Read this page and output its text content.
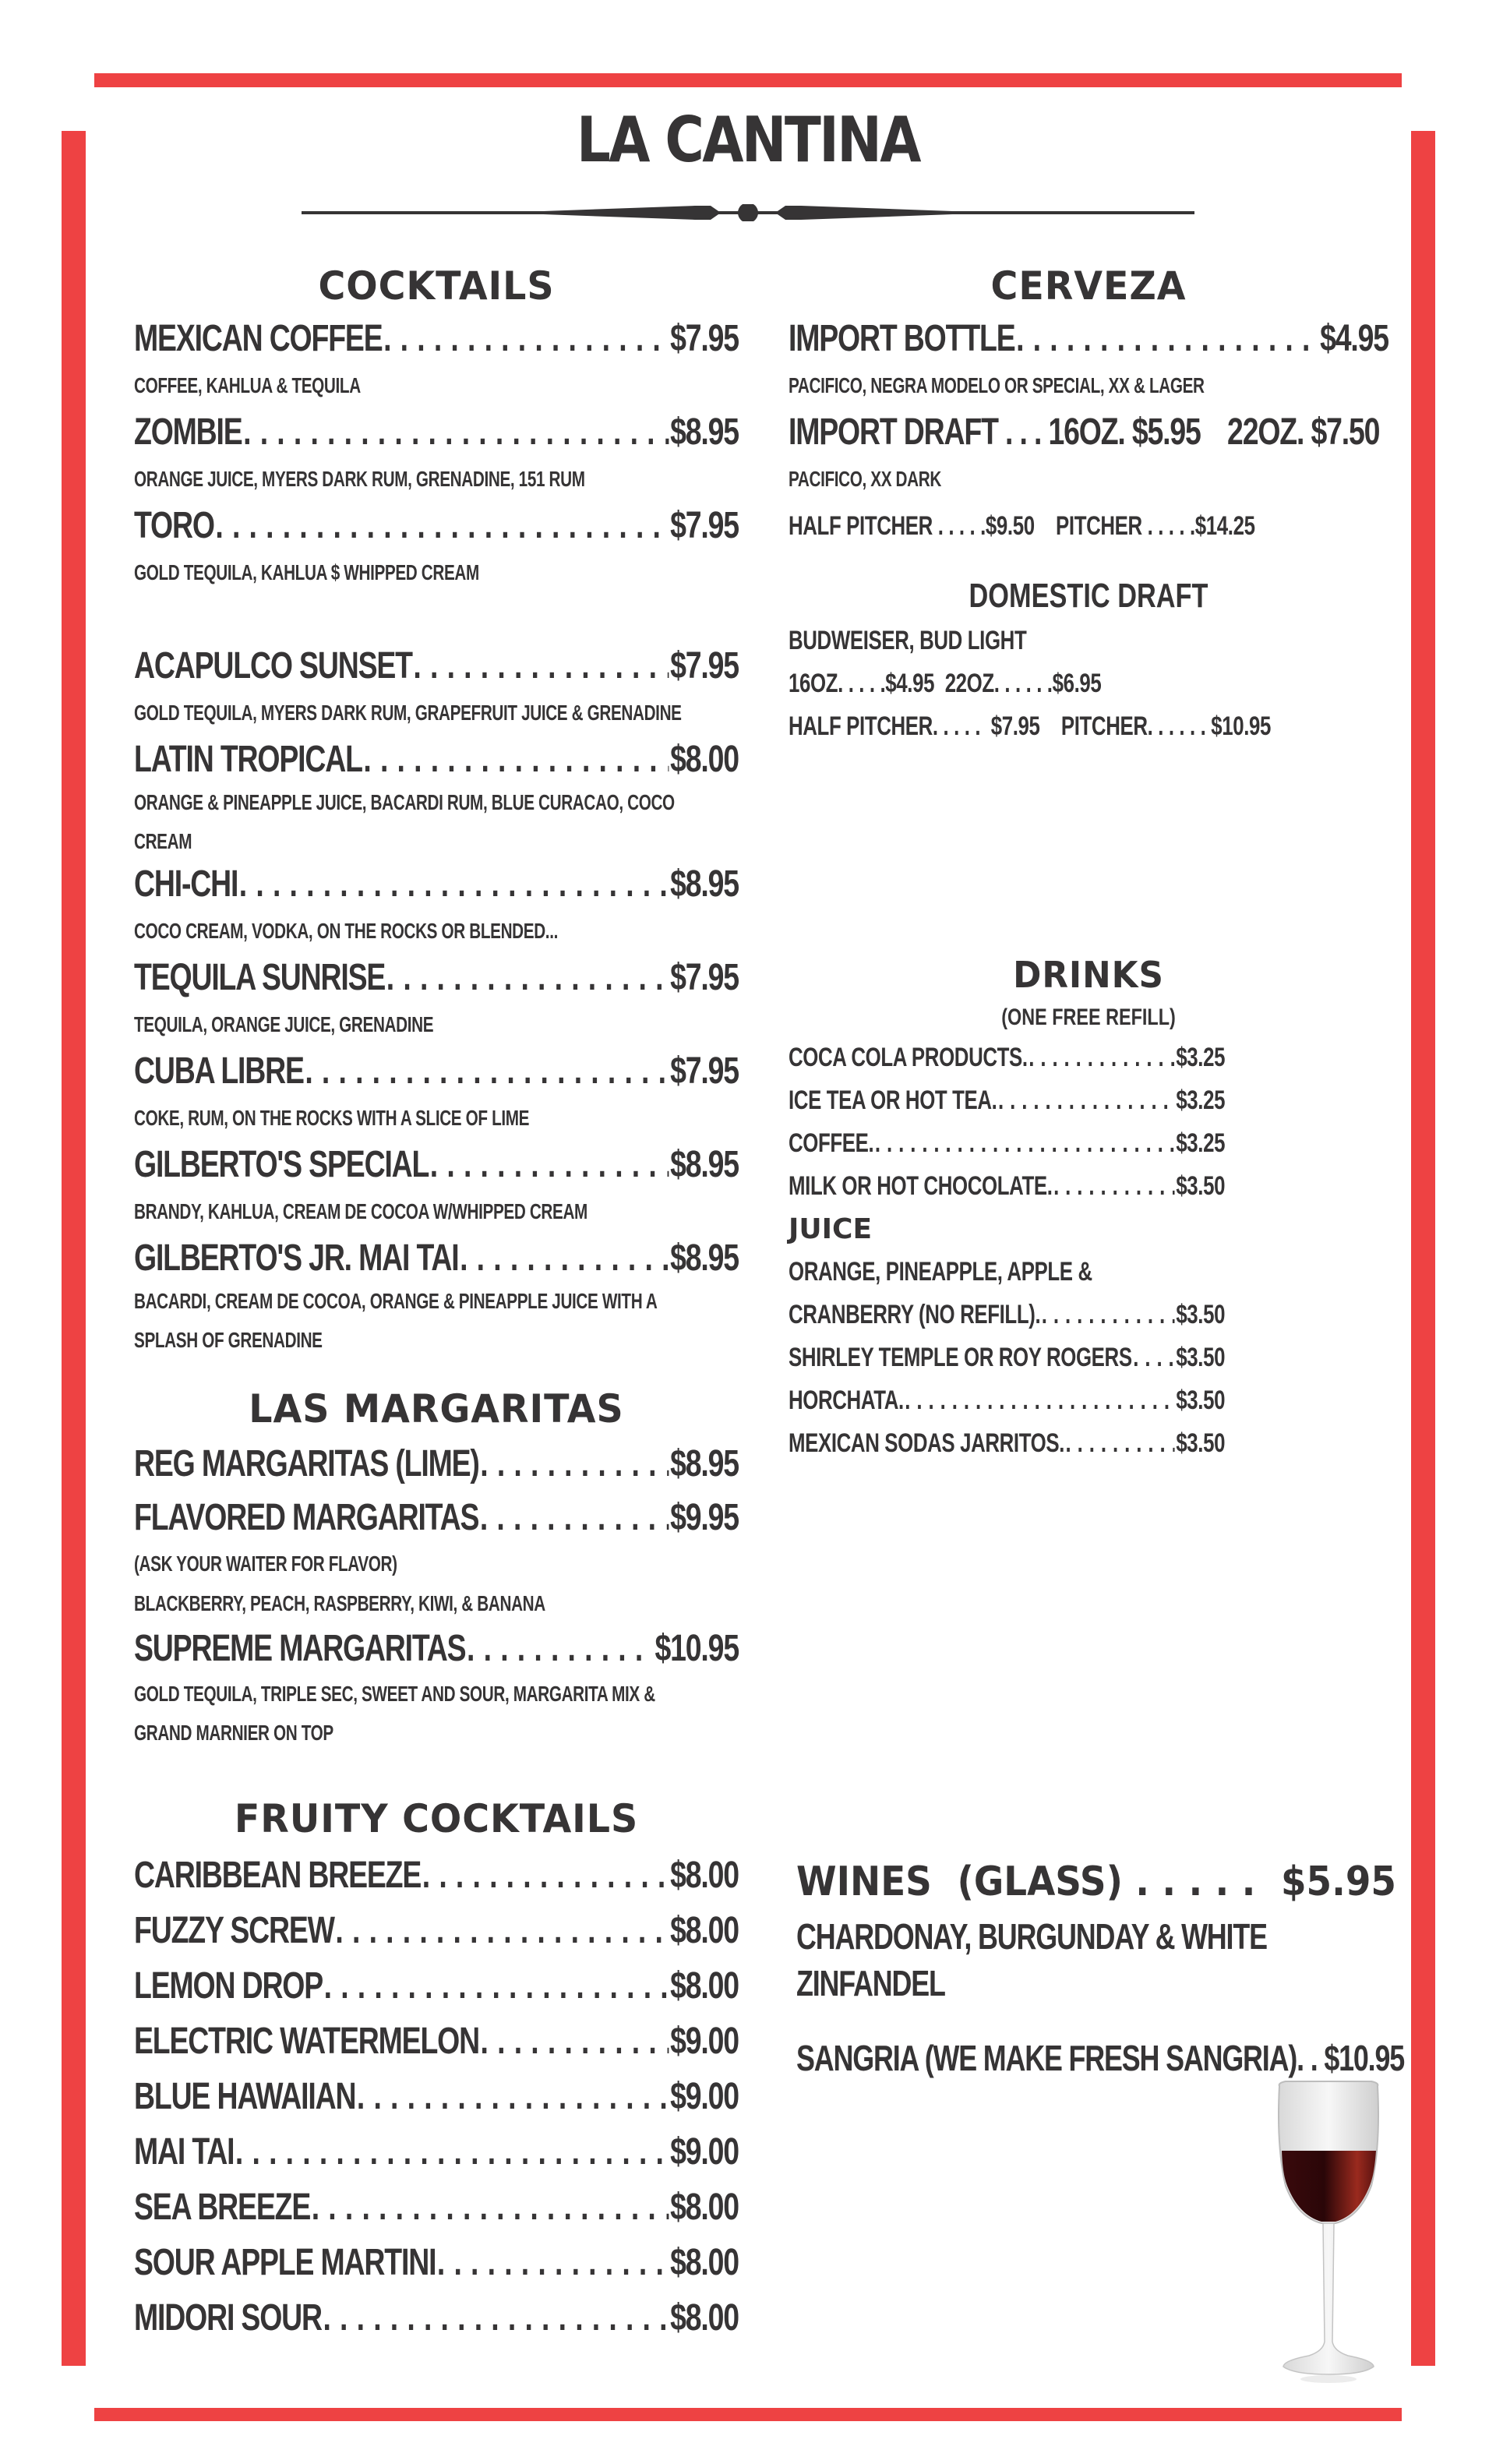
LA CANTINA
COCKTAILS
MEXICAN COFFEE . . .	$7.95
COFFEE, KAHLUA & TEQUILA
ZOMBIE . . .	$8.95
ORANGE JUICE, MYERS DARK RUM, GRENADINE, 151 RUM
TORO . . .	$7.95
GOLD TEQUILA, KAHLUA $ WHIPPED CREAM
ACAPULCO SUNSET . . .	$7.95
GOLD TEQUILA, MYERS DARK RUM, GRAPEFRUIT JUICE & GRENADINE
LATIN TROPICAL . . .	$8.00
ORANGE & PINEAPPLE JUICE, BACARDI RUM, BLUE CURACAO, COCO CREAM
CHI-CHI . . .	$8.95
COCO CREAM, VODKA, ON THE ROCKS OR BLENDED...
TEQUILA SUNRISE . . .	$7.95
TEQUILA, ORANGE JUICE, GRENADINE
CUBA LIBRE . . .	$7.95
COKE, RUM, ON THE ROCKS WITH A SLICE OF LIME
GILBERTO'S SPECIAL . . .	$8.95
BRANDY, KAHLUA, CREAM DE COCOA W/WHIPPED CREAM
GILBERTO'S JR. MAI TAI . . .	$8.95
BACARDI, CREAM DE COCOA, ORANGE & PINEAPPLE JUICE WITH A SPLASH OF GRENADINE
LAS MARGARITAS
REG MARGARITAS (LIME) . . .	$8.95
FLAVORED MARGARITAS . . .	$9.95
(ASK YOUR WAITER FOR FLAVOR)
BLACKBERRY, PEACH, RASPBERRY, KIWI, & BANANA
SUPREME MARGARITAS . . .	$10.95
GOLD TEQUILA, TRIPLE SEC, SWEET AND SOUR, MARGARITA MIX & GRAND MARNIER ON TOP
FRUITY COCKTAILS
CARIBBEAN BREEZE . . .	$8.00
FUZZY SCREW . . .	$8.00
LEMON DROP . . .	$8.00
ELECTRIC WATERMELON . . .	$9.00
BLUE HAWAIIAN . . .	$9.00
MAI TAI . . .	$9.00
SEA BREEZE . . .	$8.00
SOUR APPLE MARTINI . . .	$8.00
MIDORI SOUR . . .	$8.00
CERVEZA
IMPORT BOTTLE . . .	$4.95
PACIFICO, NEGRA MODELO OR SPECIAL, XX & LAGER
IMPORT DRAFT . . . 16OZ. $5.95 22OZ. $7.50
PACIFICO, XX DARK
HALF PITCHER . . . . .$9.50 PITCHER . . . . .$14.25
DOMESTIC DRAFT
BUDWEISER, BUD LIGHT
16OZ. . . . .$4.95 22OZ. . . . . .$6.95
HALF PITCHER. . . . .  $7.95 PITCHER. . . . . . $10.95
DRINKS
(ONE FREE REFILL)
COCA COLA PRODUCTS. . . .	$3.25
ICE TEA OR HOT TEA. . . .	$3.25
COFFEE. . . .	$3.25
MILK OR HOT CHOCOLATE. . . .	$3.50
JUICE
ORANGE, PINEAPPLE, APPLE &
CRANBERRY (NO REFILL). . . .	$3.50
SHIRLEY TEMPLE OR ROY ROGERS . . . $3.50
HORCHATA. . . .	$3.50
MEXICAN SODAS JARRITOS. . . .	$3.50
WINES  (GLASS) . . . . .  $5.95
CHARDONAY, BURGUNDAY & WHITE ZINFANDEL
SANGRIA (WE MAKE FRESH SANGRIA). . $10.95
